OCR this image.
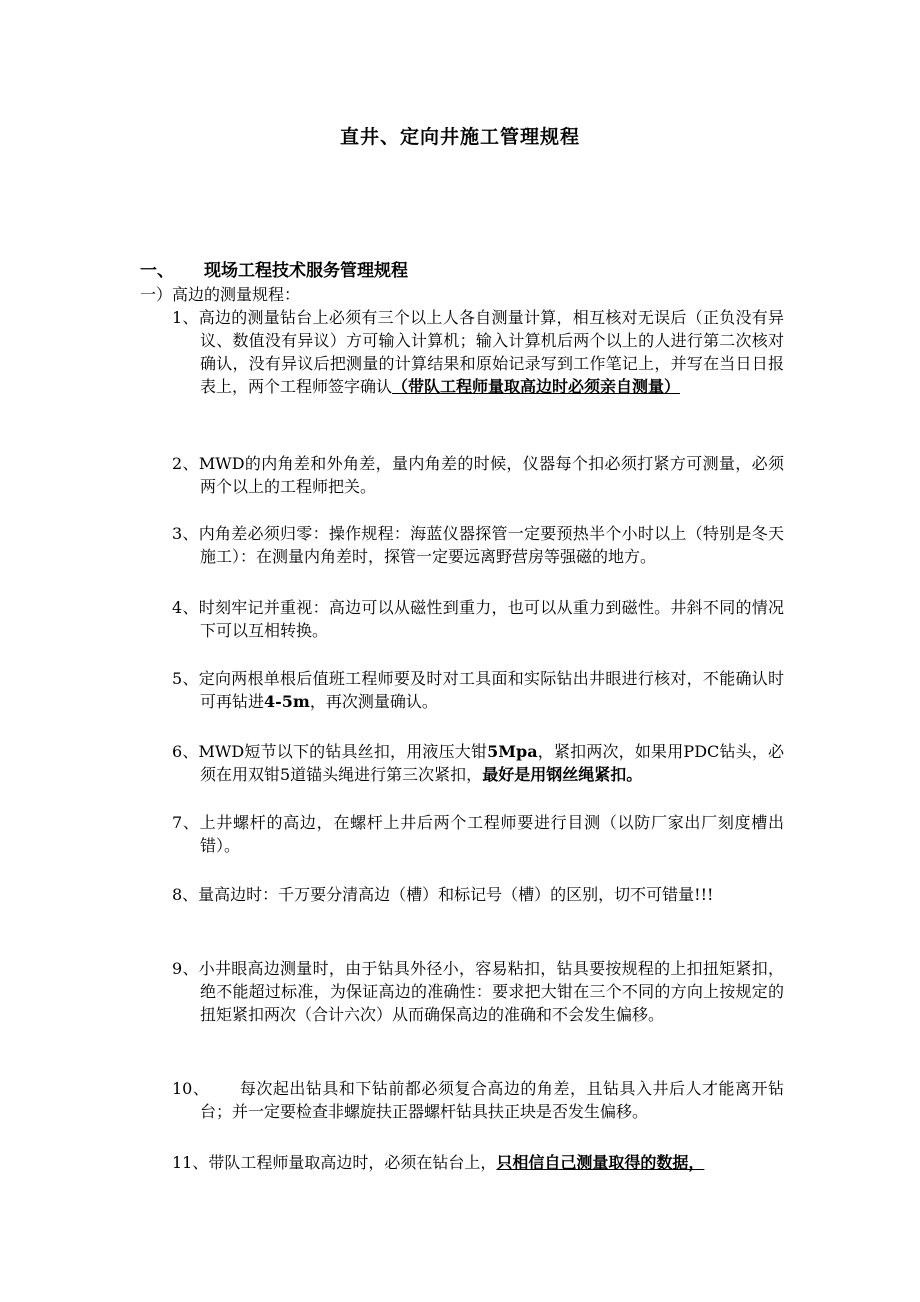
直井、定向井施工管理规程
一、 现场工程技术服务管理规程
一）高边的测量规程：
1、高边的测量钻台上必须有三个以上人各自测量计算，相互核对无误后（正负没有异议、数值没有异议）方可输入计算机；输入计算机后两个以上的人进行第二次核对确认，没有异议后把测量的计算结果和原始记录写到工作笔记上，并写在当日日报表上，两个工程师签字确认（带队工程师量取高边时必须亲自测量）
2、MWD的内角差和外角差，量内角差的时候，仪器每个扣必须打紧方可测量，必须两个以上的工程师把关。
3、内角差必须归零：操作规程：海蓝仪器探管一定要预热半个小时以上（特别是冬天施工）：在测量内角差时，探管一定要远离野营房等强磁的地方。
4、时刻牢记并重视：高边可以从磁性到重力，也可以从重力到磁性。井斜不同的情况下可以互相转换。
5、定向两根单根后值班工程师要及时对工具面和实际钻出井眼进行核对，不能确认时可再钻进4-5m，再次测量确认。
6、MWD短节以下的钻具丝扣，用液压大钳5Mpa，紧扣两次，如果用PDC钻头，必须在用双钳5道锚头绳进行第三次紧扣，最好是用钢丝绳紧扣。
7、上井螺杆的高边，在螺杆上井后两个工程师要进行目测（以防厂家出厂刻度槽出错）。
8、量高边时：千万要分清高边（槽）和标记号（槽）的区别，切不可错量!!!
9、小井眼高边测量时，由于钻具外径小，容易粘扣，钻具要按规程的上扣扭矩紧扣，绝不能超过标准，为保证高边的准确性：要求把大钳在三个不同的方向上按规定的扭矩紧扣两次（合计六次）从而确保高边的准确和不会发生偏移。
10、 每次起出钻具和下钻前都必须复合高边的角差，且钻具入井后人才能离开钻台；并一定要检查非螺旋扶正器螺杆钻具扶正块是否发生偏移。
11、带队工程师量取高边时，必须在钻台上，只相信自己测量取得的数据，
